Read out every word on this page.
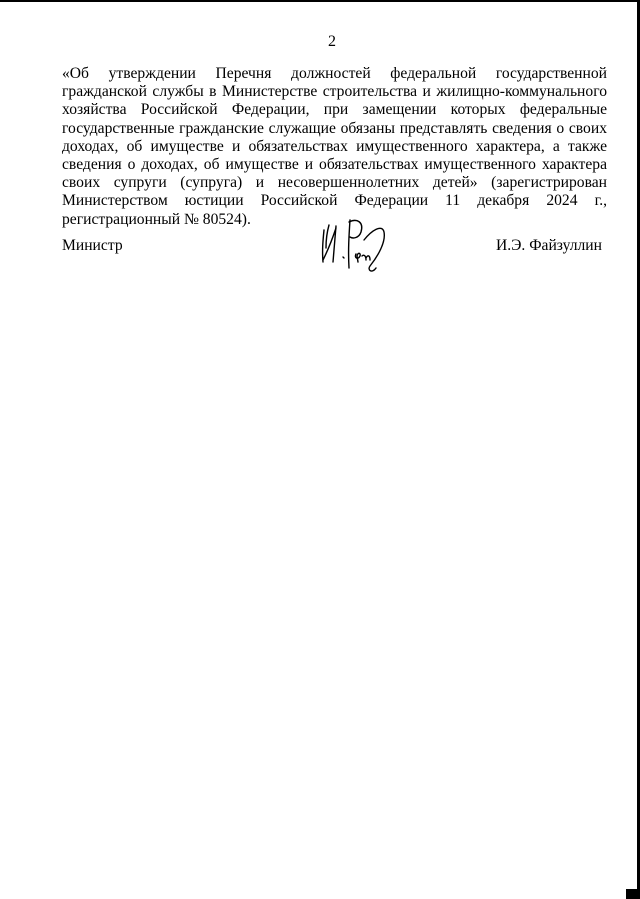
2

«Об утверждении Перечня должностей федеральной государственной гражданской службы в Министерстве строительства и жилищно-коммунального хозяйства Российской Федерации, при замещении которых федеральные государственные гражданские служащие обязаны представлять сведения о своих доходах, об имуществе и обязательствах имущественного характера, а также сведения о доходах, об имуществе и обязательствах имущественного характера своих супруги (супруга) и несовершеннолетних детей» (зарегистрирован Министерством юстиции Российской Федерации 11 декабря 2024 г., регистрационный № 80524).

Министр	И.Э. Файзуллин
